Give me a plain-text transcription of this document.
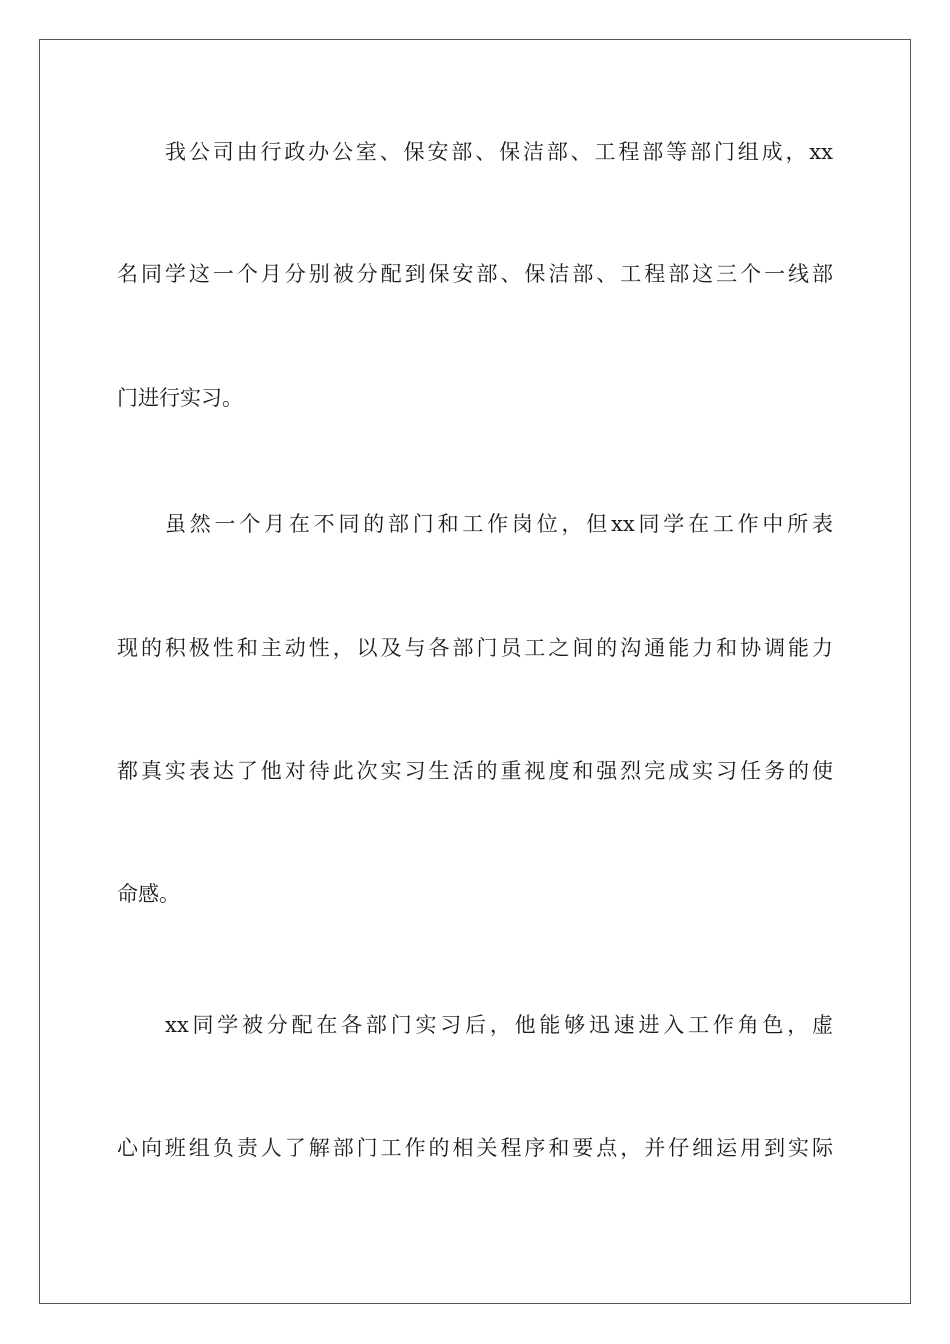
我公司由行政办公室、保安部、保洁部、工程部等部门组成，xx
名同学这一个月分别被分配到保安部、保洁部、工程部这三个一线部
门进行实习。
虽然一个月在不同的部门和工作岗位，但xx同学在工作中所表
现的积极性和主动性，以及与各部门员工之间的沟通能力和协调能力
都真实表达了他对待此次实习生活的重视度和强烈完成实习任务的使
命感。
xx同学被分配在各部门实习后，他能够迅速进入工作角色，虚
心向班组负责人了解部门工作的相关程序和要点，并仔细运用到实际
